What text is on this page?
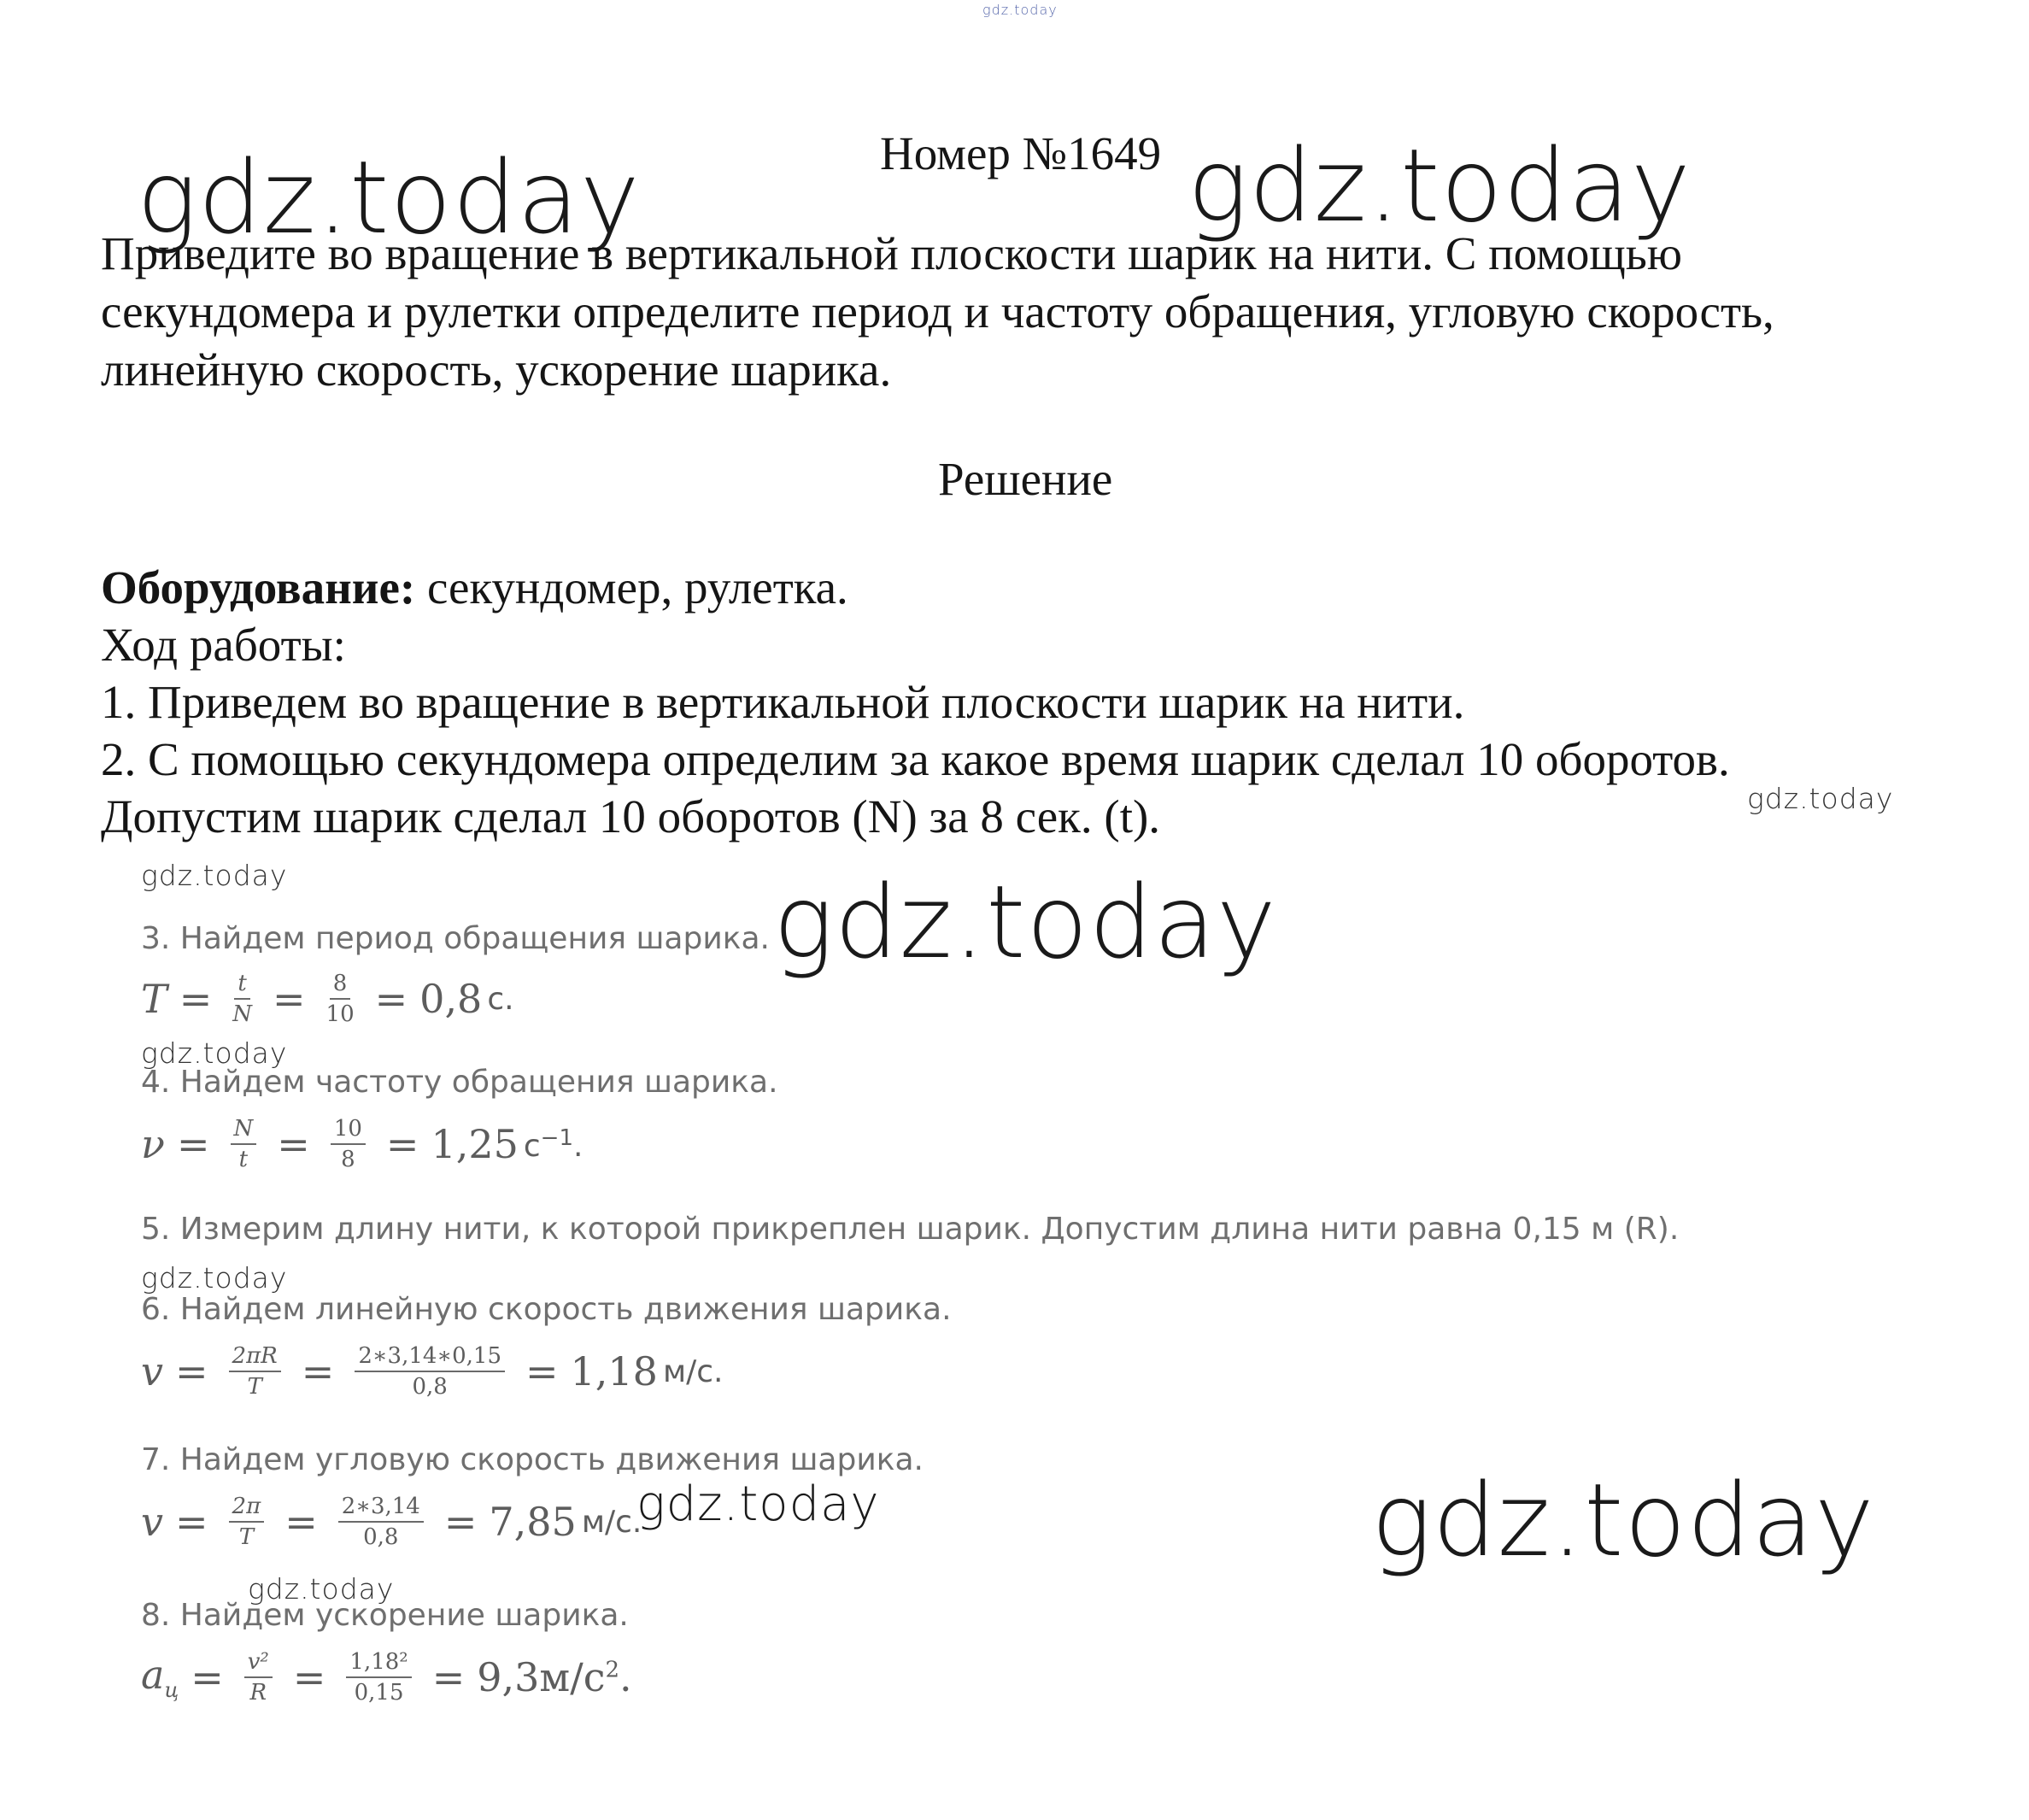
gdz.today
gdz.today	gdz.today
gdz.today
gdz.today
gdz.today
gdz.today
gdz.today
gdz.today
gdz.today
gdz.today
Номер №1649
Приведите во вращение в вертикальной плоскости шарик на нити. С помощью
секундомера и рулетки определите период и частоту обращения, угловую скорость,
линейную скорость, ускорение шарика.
Решение
Оборудование: секундомер, рулетка.
Ход работы:
1. Приведем во вращение в вертикальной плоскости шарик на нити.
2. С помощью секундомера определим за какое время шарик сделал 10 оборотов.
Допустим шарик сделал 10 оборотов (N) за 8 сек. (t).
3. Найдем период обращения шарика.
$T = \frac{t}{N} = \frac{8}{10} = 0,8$ с.
4. Найдем частоту обращения шарика.
$\nu = \frac{N}{t} = \frac{10}{8} = 1,25$ $с^{-1}$.
5. Измерим длину нити, к которой прикреплен шарик. Допустим длина нити равна 0,15 м (R).
6. Найдем линейную скорость движения шарика.
$v = \frac{2\pi R}{T} = \frac{2∗3,14∗0,15}{0,8} = 1,18$ м/с.
7. Найдем угловую скорость движения шарика.
$v = \frac{2\pi}{T} = \frac{2∗3,14}{0,8} = 7,85$ м/с.
8. Найдем ускорение шарика.
$a_ц = \frac{\text{v²}}{R} = \frac{\text{1,18²}}{0,15} = 9,3м/с^2$.
